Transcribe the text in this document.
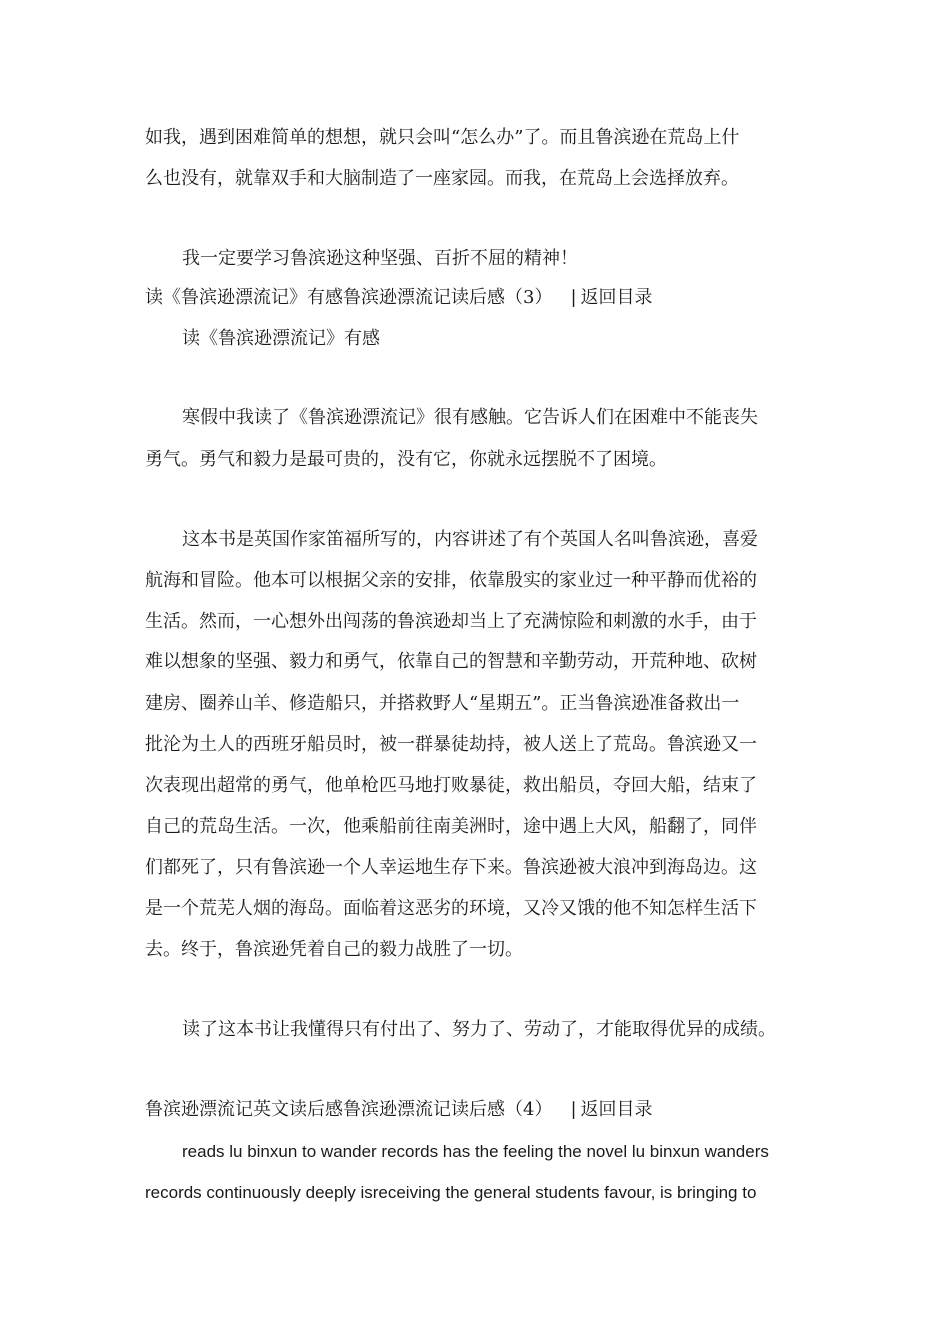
如我，遇到困难简单的想想，就只会叫“怎么办”了。而且鲁滨逊在荒岛上什
么也没有，就靠双手和大脑制造了一座家园。而我，在荒岛上会选择放弃。
我一定要学习鲁滨逊这种坚强、百折不屈的精神！
读《鲁滨逊漂流记》有感鲁滨逊漂流记读后感（3） | 返回目录
读《鲁滨逊漂流记》有感
寒假中我读了《鲁滨逊漂流记》很有感触。它告诉人们在困难中不能丧失
勇气。勇气和毅力是最可贵的，没有它，你就永远摆脱不了困境。
这本书是英国作家笛福所写的，内容讲述了有个英国人名叫鲁滨逊，喜爱
航海和冒险。他本可以根据父亲的安排，依靠殷实的家业过一种平静而优裕的
生活。然而，一心想外出闯荡的鲁滨逊却当上了充满惊险和刺激的水手，由于
难以想象的坚强、毅力和勇气，依靠自己的智慧和辛勤劳动，开荒种地、砍树
建房、圈养山羊、修造船只，并搭救野人“星期五”。正当鲁滨逊准备救出一
批沦为土人的西班牙船员时，被一群暴徒劫持，被人送上了荒岛。鲁滨逊又一
次表现出超常的勇气，他单枪匹马地打败暴徒，救出船员，夺回大船，结束了
自己的荒岛生活。一次，他乘船前往南美洲时，途中遇上大风，船翻了，同伴
们都死了，只有鲁滨逊一个人幸运地生存下来。鲁滨逊被大浪冲到海岛边。这
是一个荒芜人烟的海岛。面临着这恶劣的环境，又冷又饿的他不知怎样生活下
去。终于，鲁滨逊凭着自己的毅力战胜了一切。
读了这本书让我懂得只有付出了、努力了、劳动了，才能取得优异的成绩。
鲁滨逊漂流记英文读后感鲁滨逊漂流记读后感（4） | 返回目录
reads lu binxun to wander records has the feeling the novel lu binxun wanders
records continuously deeply isreceiving the general students favour, is bringing to
